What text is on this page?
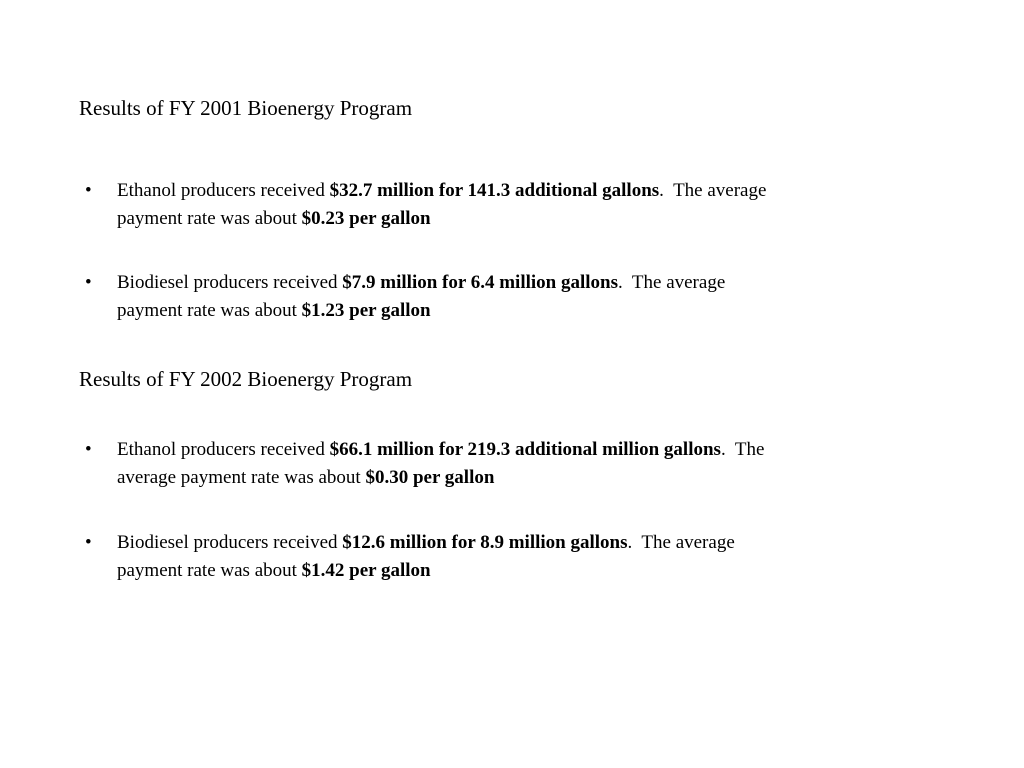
Results of FY 2001 Bioenergy Program
• Ethanol producers received $32.7 million for 141.3 additional gallons.  The average
payment rate was about $0.23 per gallon
• Biodiesel producers received $7.9 million for 6.4 million gallons.  The average
payment rate was about $1.23 per gallon
Results of FY 2002 Bioenergy Program
• Ethanol producers received $66.1 million for 219.3 additional million gallons.  The
average payment rate was about $0.30 per gallon
• Biodiesel producers received $12.6 million for 8.9 million gallons.  The average
payment rate was about $1.42 per gallon
